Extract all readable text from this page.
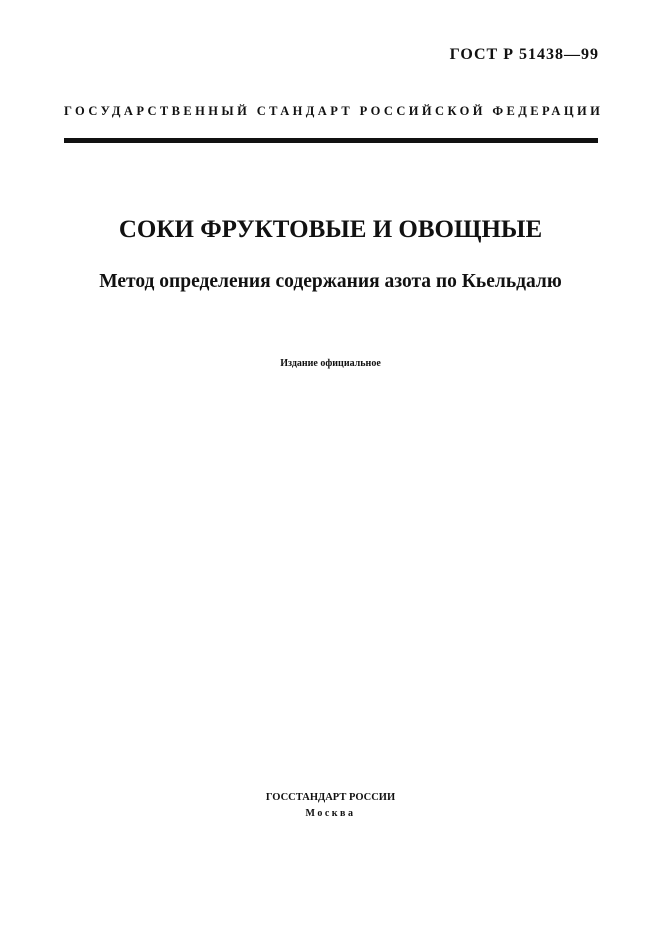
ГОСТ Р 51438—99
ГОСУДАРСТВЕННЫЙ СТАНДАРТ РОССИЙСКОЙ ФЕДЕРАЦИИ
СОКИ ФРУКТОВЫЕ И ОВОЩНЫЕ
Метод определения содержания азота по Кьельдалю
Издание официальное
ГОССТАНДАРТ РОССИИ
Москва
